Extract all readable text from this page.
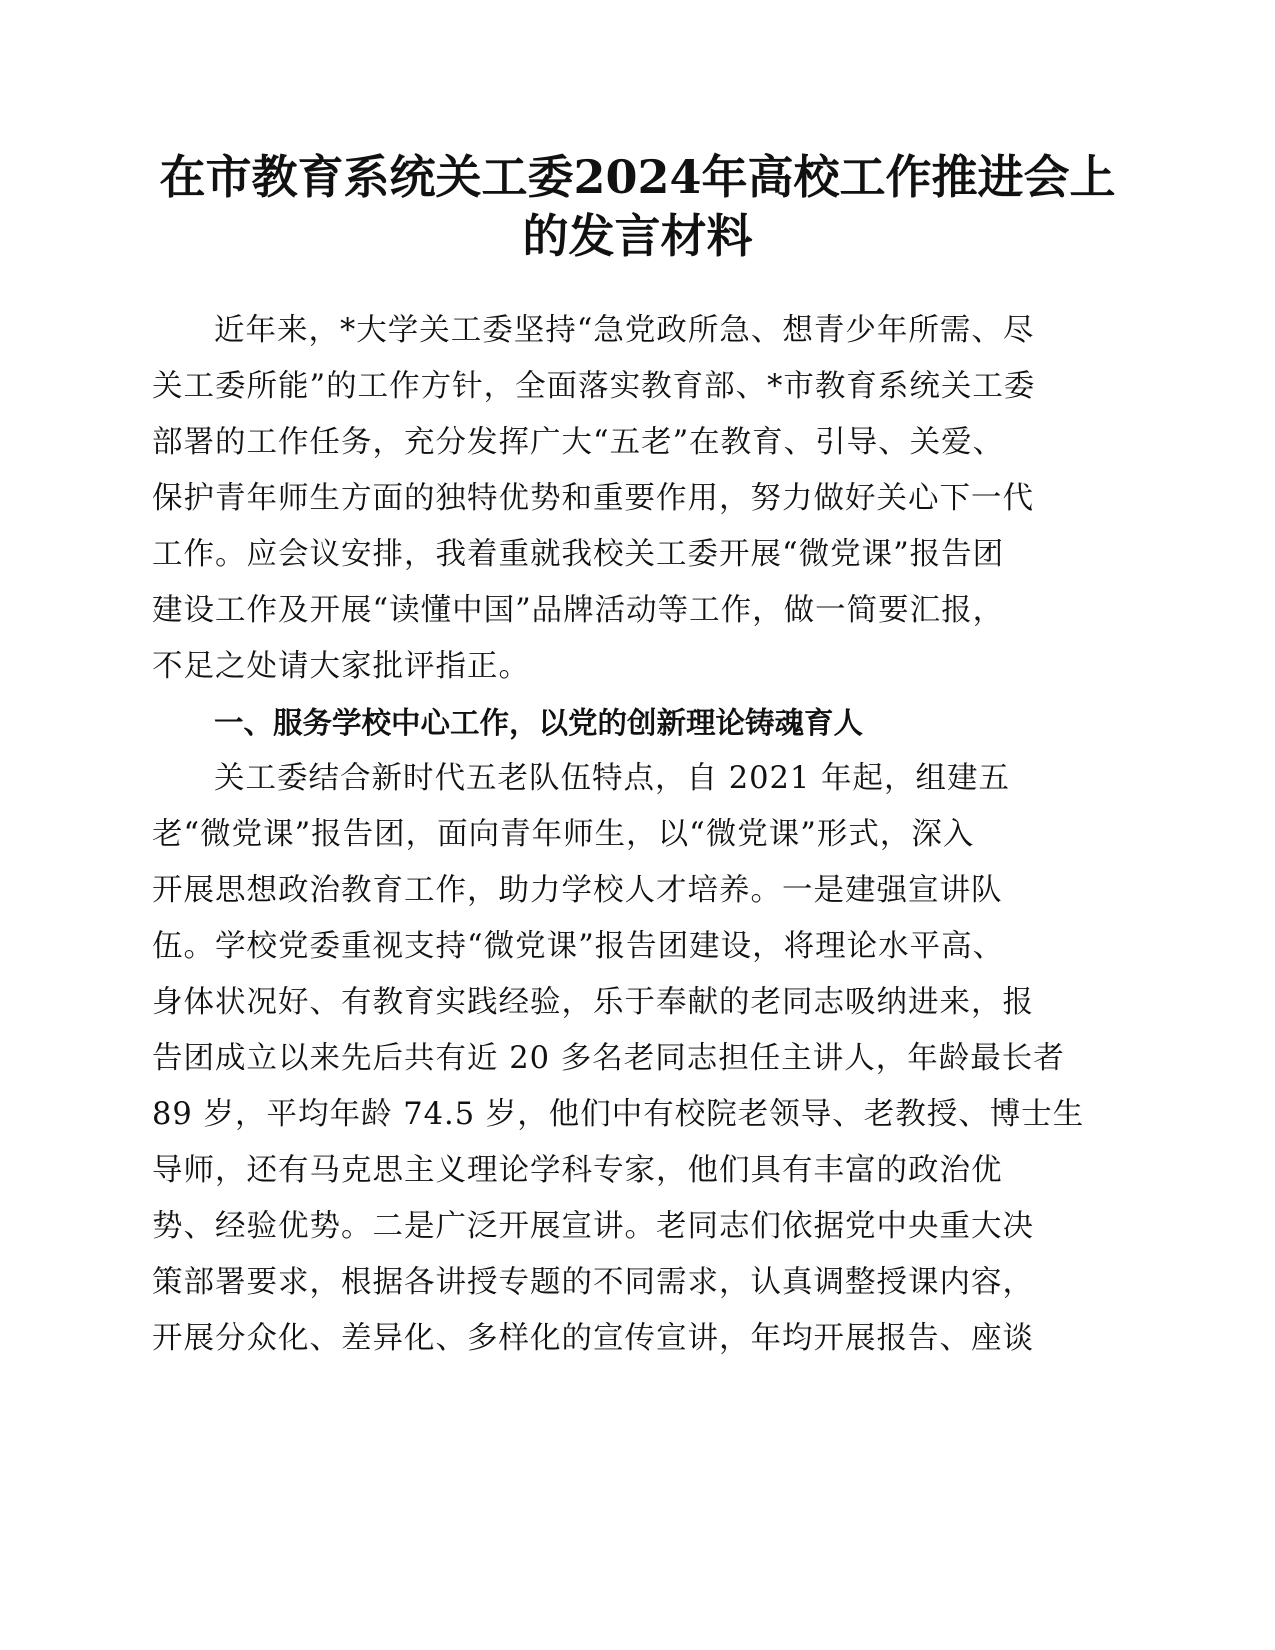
在市教育系统关工委2024年高校工作推进会上
的发言材料

近年来，*大学关工委坚持“急党政所急、想青少年所需、尽

关工委所能”的工作方针，全面落实教育部、*市教育系统关工委

部署的工作任务，充分发挥广大“五老”在教育、引导、关爱、

保护青年师生方面的独特优势和重要作用，努力做好关心下一代

工作。应会议安排，我着重就我校关工委开展“微党课”报告团

建设工作及开展“读懂中国”品牌活动等工作，做一简要汇报，

不足之处请大家批评指正。

一、服务学校中心工作，以党的创新理论铸魂育人

关工委结合新时代五老队伍特点，自 2021 年起，组建五

老“微党课”报告团，面向青年师生，以“微党课”形式，深入

开展思想政治教育工作，助力学校人才培养。一是建强宣讲队

伍。学校党委重视支持“微党课”报告团建设，将理论水平高、

身体状况好、有教育实践经验，乐于奉献的老同志吸纳进来，报

告团成立以来先后共有近 20 多名老同志担任主讲人，年龄最长者

89 岁，平均年龄 74.5 岁，他们中有校院老领导、老教授、博士生

导师，还有马克思主义理论学科专家，他们具有丰富的政治优

势、经验优势。二是广泛开展宣讲。老同志们依据党中央重大决

策部署要求，根据各讲授专题的不同需求，认真调整授课内容，

开展分众化、差异化、多样化的宣传宣讲，年均开展报告、座谈
